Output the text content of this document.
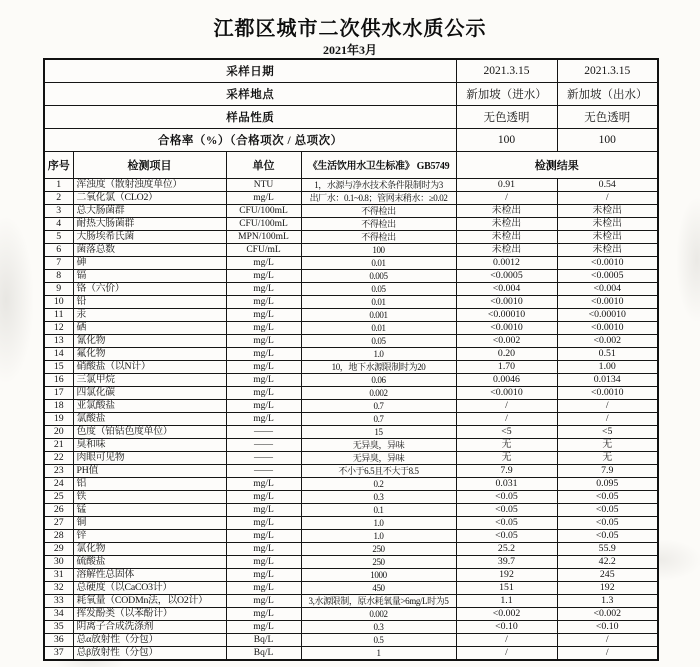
江都区城市二次供水水质公示
2021年3月
采样日期				2021.3.15	2021.3.15
采样地点				新加坡（进水）	新加坡（出水）
样品性质				无色透明	无色透明
合格率（%）（合格项次 / 总项次）				100	100
序号	检测项目	单位	《生活饮用水卫生标准》 GB5749	检测结果	
1	浑浊度（散射浊度单位）	NTU	1，水源与净水技术条件限制时为3	0.91	0.54
2	二氧化氯（CLO2）	mg/L	出厂水：0.1~0.8；管网末稍水：≥0.02	/	/
3	总大肠菌群	CFU/100mL	不得检出	未检出	未检出
4	耐热大肠菌群	CFU/100mL	不得检出	未检出	未检出
5	大肠埃希氏菌	MPN/100mL	不得检出	未检出	未检出
6	菌落总数	CFU/mL	100	未检出	未检出
7	砷	mg/L	0.01	0.0012	<0.0010
8	镉	mg/L	0.005	<0.0005	<0.0005
9	铬（六价）	mg/L	0.05	<0.004	<0.004
10	铅	mg/L	0.01	<0.0010	<0.0010
11	汞	mg/L	0.001	<0.00010	<0.00010
12	硒	mg/L	0.01	<0.0010	<0.0010
13	氰化物	mg/L	0.05	<0.002	<0.002
14	氟化物	mg/L	1.0	0.20	0.51
15	硝酸盐（以N计）	mg/L	10，地下水源限制时为20	1.70	1.00
16	三氯甲烷	mg/L	0.06	0.0046	0.0134
17	四氯化碳	mg/L	0.002	<0.0010	<0.0010
18	亚氯酸盐	mg/L	0.7	/	/
19	氯酸盐	mg/L	0.7	/	/
20	色度（铂钴色度单位）	——	15	<5	<5
21	臭和味	——	无异臭，异味	无	无
22	肉眼可见物	——	无异臭，异味	无	无
23	PH值	——	不小于6.5且不大于8.5	7.9	7.9
24	铝	mg/L	0.2	0.031	0.095
25	铁	mg/L	0.3	<0.05	<0.05
26	锰	mg/L	0.1	<0.05	<0.05
27	铜	mg/L	1.0	<0.05	<0.05
28	锌	mg/L	1.0	<0.05	<0.05
29	氯化物	mg/L	250	25.2	55.9
30	硫酸盐	mg/L	250	39.7	42.2
31	溶解性总固体	mg/L	1000	192	245
32	总硬度（以CaCO3计）	mg/L	450	151	192
33	耗氧量（CODMn法，以O2计）	mg/L	3,水源限制，原水耗氧量>6mg/L时为5	1.1	1.3
34	挥发酚类（以苯酚计）	mg/L	0.002	<0.002	<0.002
35	阴离子合成洗涤剂	mg/L	0.3	<0.10	<0.10
36	总α放射性（分包）	Bq/L	0.5	/	/
37	总β放射性（分包）	Bq/L	1	/	/
